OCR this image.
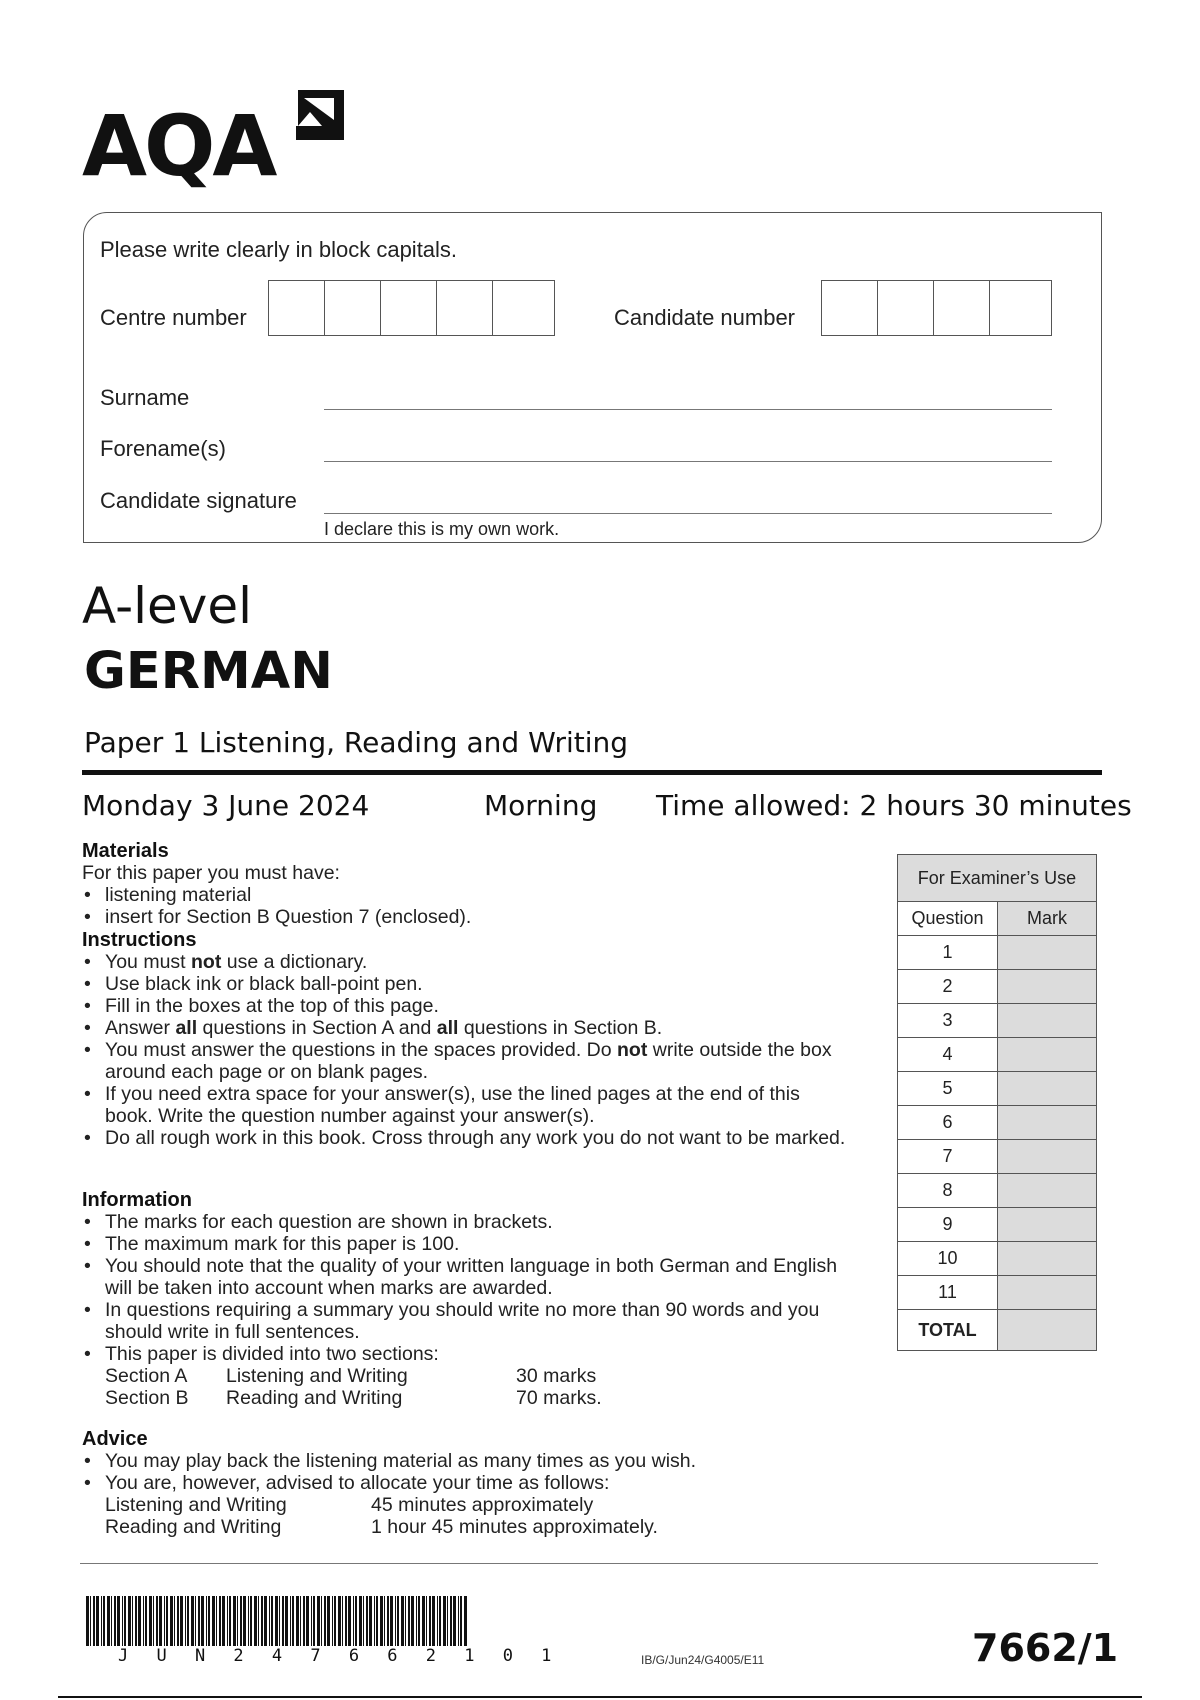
AQA
Please write clearly in block capitals.
Centre number	Candidate number
Surname
Forename(s)
Candidate signature
I declare this is my own work.
A-level
GERMAN
Paper 1 Listening, Reading and Writing
Monday 3 June 2024	Morning Time allowed: 2 hours 30 minutes
Materials
For this paper you must have:
• listening material
• insert for Section B Question 7 (enclosed).
Instructions
• You must not use a dictionary.
• Use black ink or black ball-point pen.
• Fill in the boxes at the top of this page.
• Answer all questions in Section A and all questions in Section B.
• You must answer the questions in the spaces provided. Do not write outside the box around each page or on blank pages.
• If you need extra space for your answer(s), use the lined pages at the end of this book. Write the question number against your answer(s).
• Do all rough work in this book. Cross through any work you do not want to be marked.
Information
• The marks for each question are shown in brackets.
• The maximum mark for this paper is 100.
• You should note that the quality of your written language in both German and English will be taken into account when marks are awarded.
• In questions requiring a summary you should write no more than 90 words and you should write in full sentences.
• This paper is divided into two sections:
Section A Listening and Writing	30 marks
Section B Reading and Writing	70 marks.
Advice
• You may play back the listening material as many times as you wish.
• You are, however, advised to allocate your time as follows:
Listening and Writing	45 minutes approximately
Reading and Writing	1 hour 45 minutes approximately.
For Examiner’s Use	
Question	Mark
1	
2	
3	
4	
5	
6	
7	
8	
9	
10	
11	
TOTAL	
J U N 2 4 7 6 6 2 1 0 1	IB/G/Jun24/G4005/E11	7662/1
